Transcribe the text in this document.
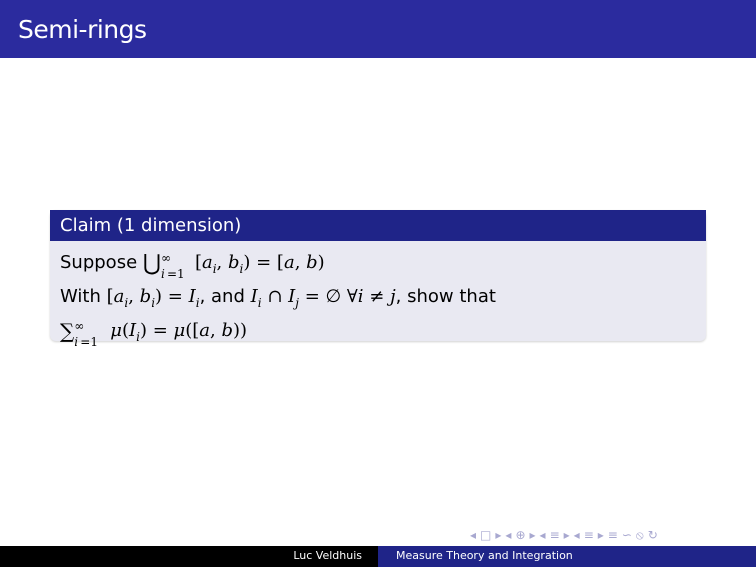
Semi-rings
Claim (1 dimension)
Suppose ⋃ ∞
i =1
[$a_i$, $b_i) = [a$, b)
With [$a_i$, $b_i) = I_i$, and $I_i$ ∩ $I_j$ = ∅ ∀i ≠ j, show that
∑ ∞
i =1
$\mu(I_i) = \mu([a$, b))
◂ □ ▸ ◂ ⊕ ▸ ◂ ≡ ▸ ◂ ≡ ▸ ≡ ∽ ⦸ ↻
Luc Veldhuis	Measure Theory and Integration
